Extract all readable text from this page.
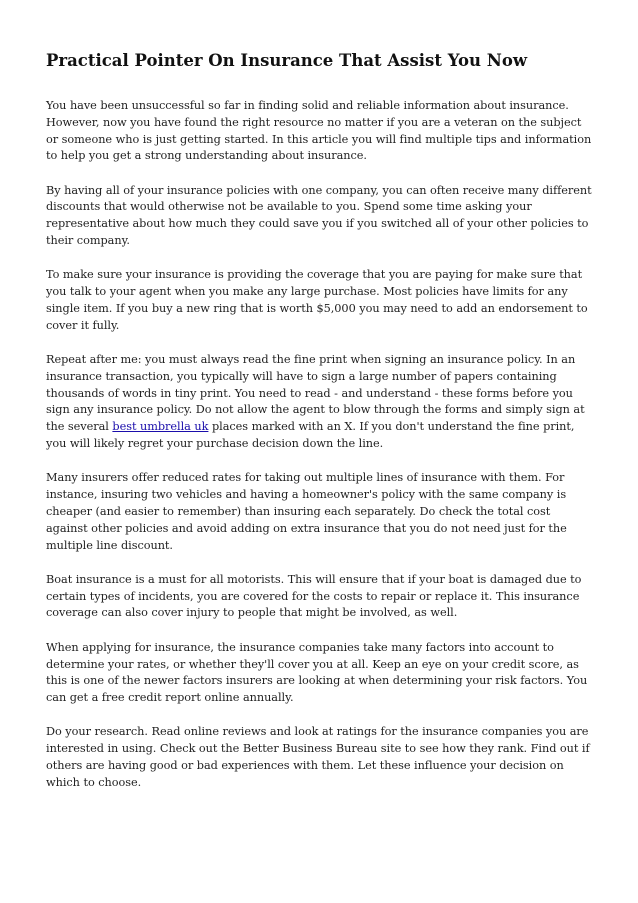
Practical Pointer On Insurance That Assist You Now

You have been unsuccessful so far in finding solid and reliable information about insurance. However, now you have found the right resource no matter if you are a veteran on the subject or someone who is just getting started. In this article you will find multiple tips and information to help you get a strong understanding about insurance.

By having all of your insurance policies with one company, you can often receive many different discounts that would otherwise not be available to you. Spend some time asking your representative about how much they could save you if you switched all of your other policies to their company.

To make sure your insurance is providing the coverage that you are paying for make sure that you talk to your agent when you make any large purchase. Most policies have limits for any single item. If you buy a new ring that is worth $5,000 you may need to add an endorsement to cover it fully.

Repeat after me: you must always read the fine print when signing an insurance policy. In an insurance transaction, you typically will have to sign a large number of papers containing thousands of words in tiny print. You need to read - and understand - these forms before you sign any insurance policy. Do not allow the agent to blow through the forms and simply sign at the several best umbrella uk places marked with an X. If you don't understand the fine print, you will likely regret your purchase decision down the line.

Many insurers offer reduced rates for taking out multiple lines of insurance with them. For instance, insuring two vehicles and having a homeowner's policy with the same company is cheaper (and easier to remember) than insuring each separately. Do check the total cost against other policies and avoid adding on extra insurance that you do not need just for the multiple line discount.

Boat insurance is a must for all motorists. This will ensure that if your boat is damaged due to certain types of incidents, you are covered for the costs to repair or replace it. This insurance coverage can also cover injury to people that might be involved, as well.

When applying for insurance, the insurance companies take many factors into account to determine your rates, or whether they'll cover you at all. Keep an eye on your credit score, as this is one of the newer factors insurers are looking at when determining your risk factors. You can get a free credit report online annually.

Do your research. Read online reviews and look at ratings for the insurance companies you are interested in using. Check out the Better Business Bureau site to see how they rank. Find out if others are having good or bad experiences with them. Let these influence your decision on which to choose.
